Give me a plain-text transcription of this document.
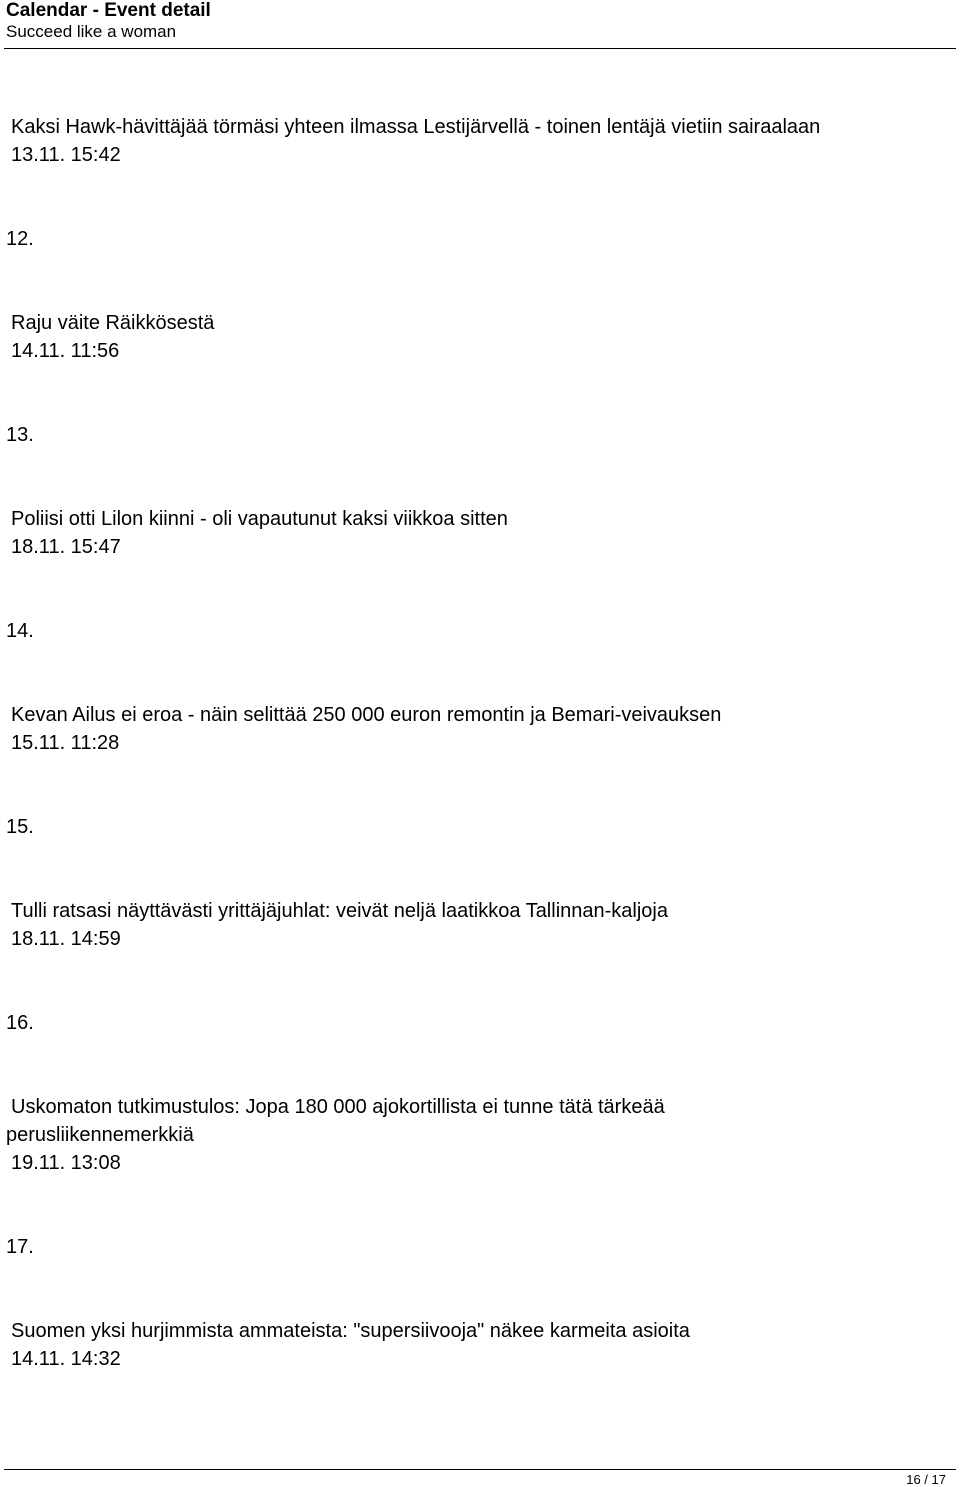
Calendar - Event detail
Succeed like a woman
Kaksi Hawk-hävittäjää törmäsi yhteen ilmassa Lestijärvellä - toinen lentäjä vietiin sairaalaan
13.11. 15:42
12.
Raju väite Räikkösestä
14.11. 11:56
13.
Poliisi otti Lilon kiinni - oli vapautunut kaksi viikkoa sitten
18.11. 15:47
14.
Kevan Ailus ei eroa - näin selittää 250 000 euron remontin ja Bemari-veivauksen
15.11. 11:28
15.
Tulli ratsasi näyttävästi yrittäjäjuhlat: veivät neljä laatikkoa Tallinnan-kaljoja
18.11. 14:59
16.
Uskomaton tutkimustulos: Jopa 180 000 ajokortillista ei tunne tätä tärkeää
perusliikennemerkkiä
19.11. 13:08
17.
Suomen yksi hurjimmista ammateista: "supersiivooja" näkee karmeita asioita
14.11. 14:32
16 / 17
